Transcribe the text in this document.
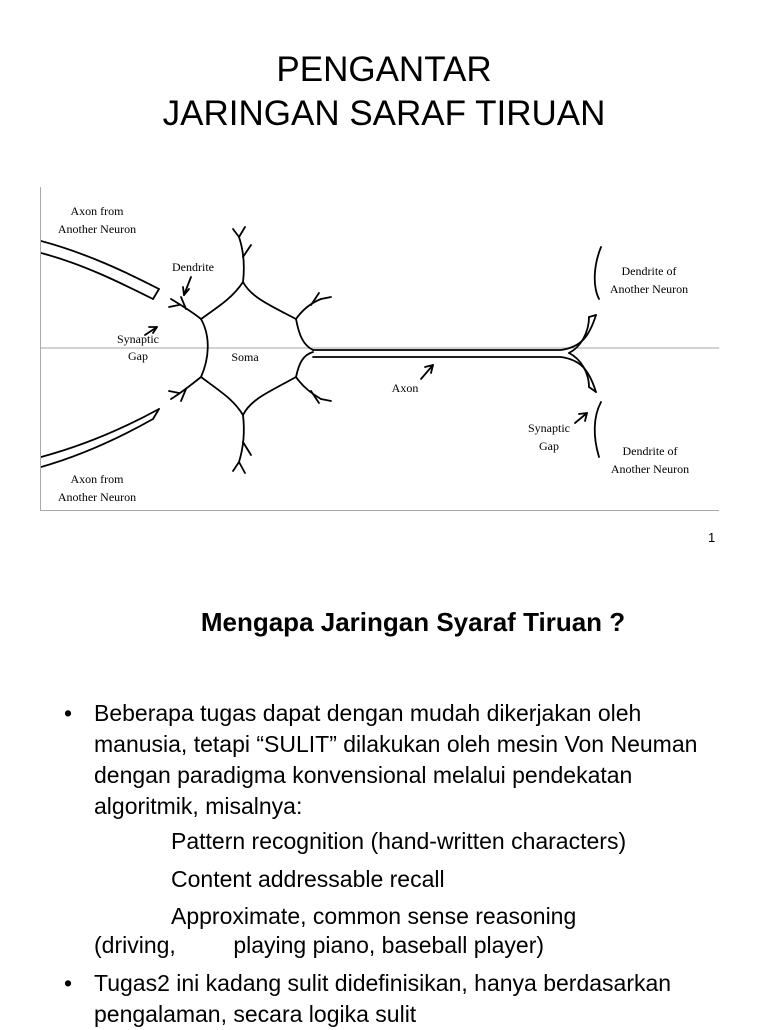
PENGANTAR
JARINGAN SARAF TIRUAN
Axon from
Another Neuron
Dendrite
Synaptic
Gap	Soma
Axon
Dendrite of
Another Neuron
Synaptic
Gap	Dendrite of
Another Neuron
Axon from
Another Neuron
1
Mengapa Jaringan Syaraf Tiruan ?
• Beberapa tugas dapat dengan mudah dikerjakan oleh manusia, tetapi “SULIT” dilakukan oleh mesin Von Neuman dengan paradigma konvensional melalui pendekatan algoritmik, misalnya:

Pattern recognition (hand-written characters)
Content addressable recall
Approximate, common sense reasoning
(driving,         playing piano, baseball player)
• Tugas2 ini kadang sulit didefinisikan, hanya berdasarkan pengalaman, secara logika sulit
